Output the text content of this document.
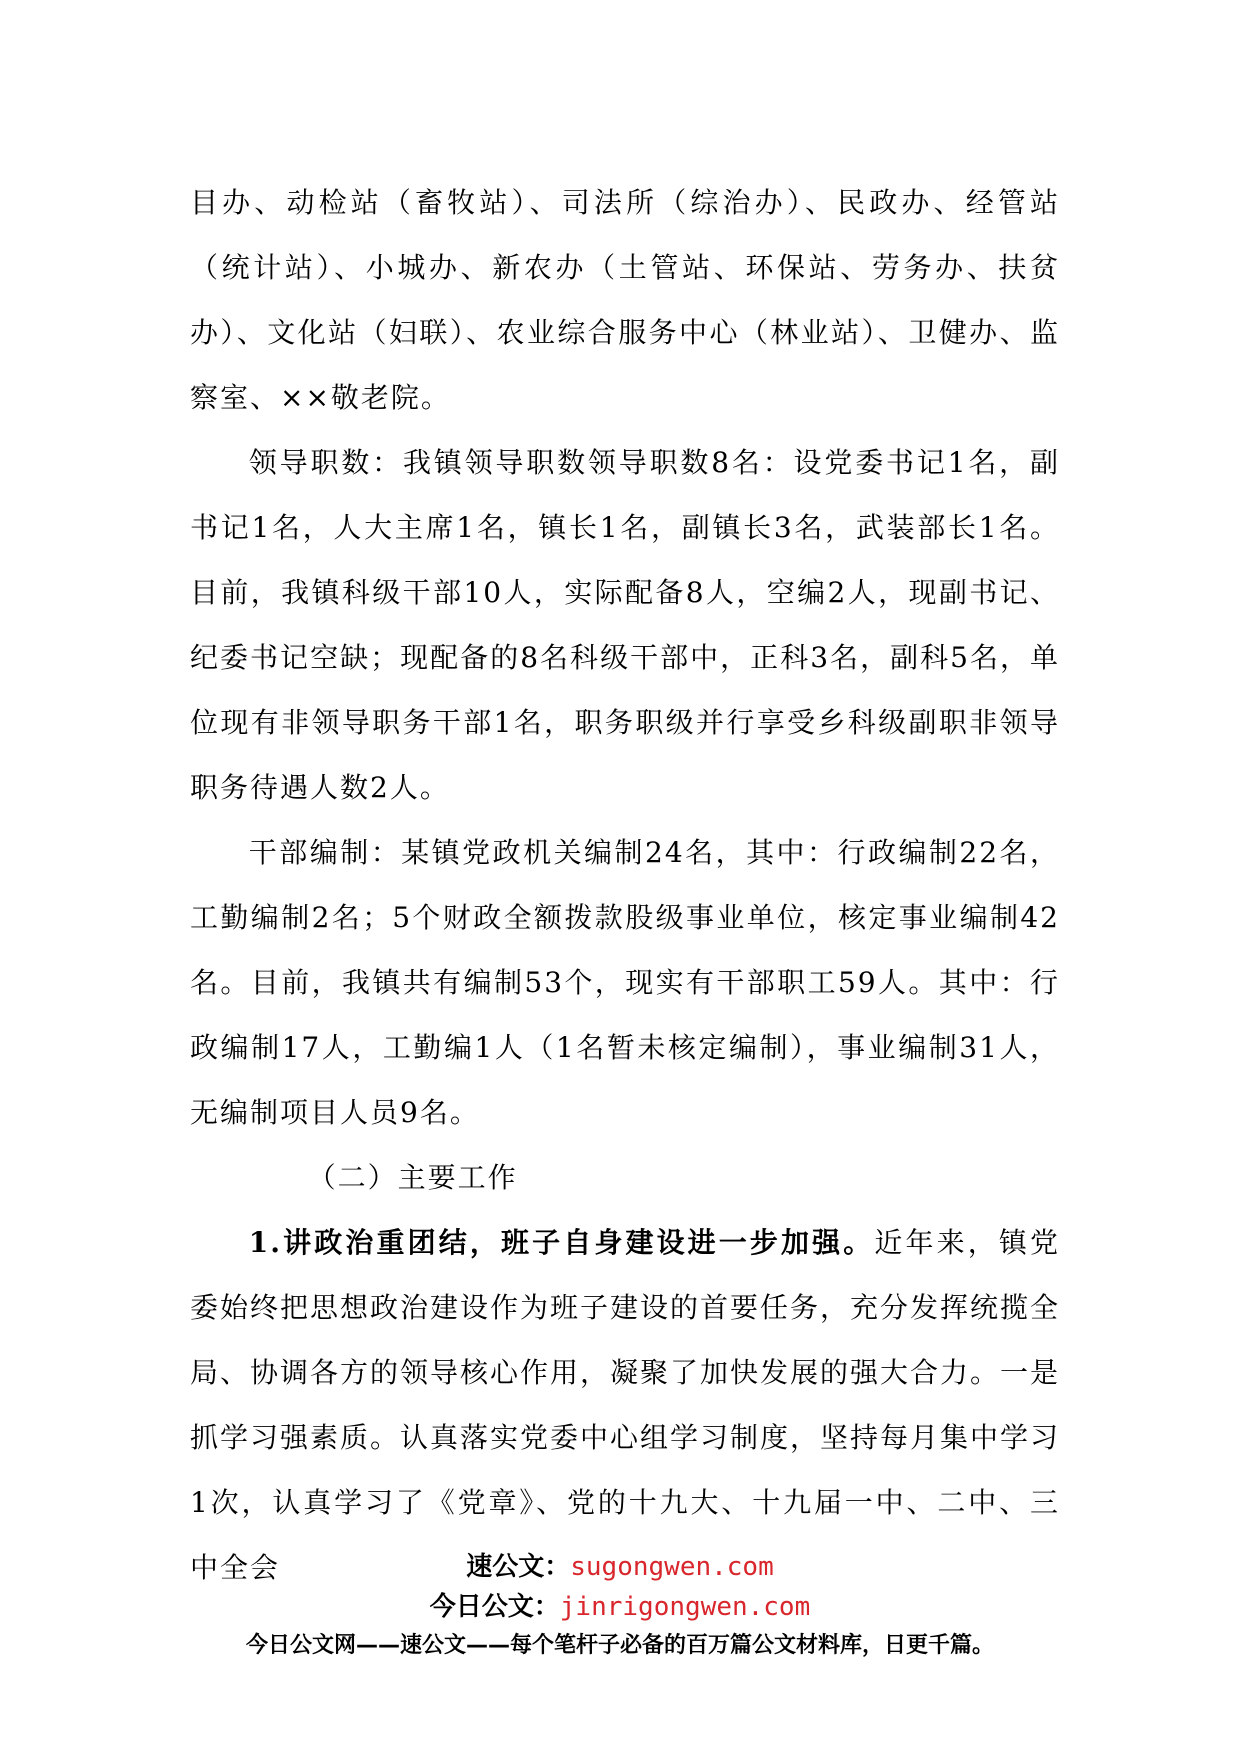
目办、动检站（畜牧站）、司法所（综治办）、民政办、经管站（统计站）、小城办、新农办（土管站、环保站、劳务办、扶贫办）、文化站（妇联）、农业综合服务中心（林业站）、卫健办、监察室、××敬老院。

领导职数：我镇领导职数领导职数8名：设党委书记1名，副书记1名，人大主席1名，镇长1名，副镇长3名，武装部长1名。目前，我镇科级干部10人，实际配备8人，空编2人，现副书记、纪委书记空缺；现配备的8名科级干部中，正科3名，副科5名，单位现有非领导职务干部1名，职务职级并行享受乡科级副职非领导职务待遇人数2人。

干部编制：某镇党政机关编制24名，其中：行政编制22名，工勤编制2名；5个财政全额拨款股级事业单位，核定事业编制42名。目前，我镇共有编制53个，现实有干部职工59人。其中：行政编制17人，工勤编1人（1名暂未核定编制），事业编制31人，无编制项目人员9名。

（二）主要工作

1.讲政治重团结，班子自身建设进一步加强。近年来，镇党委始终把思想政治建设作为班子建设的首要任务，充分发挥统揽全局、协调各方的领导核心作用，凝聚了加快发展的强大合力。一是抓学习强素质。认真落实党委中心组学习制度，坚持每月集中学习1次，认真学习了《党章》、党的十九大、十九届一中、二中、三中全会	速公文：sugongwen.com
今日公文：jinrigongwen.com
今日公文网——速公文——每个笔杆子必备的百万篇公文材料库，日更千篇。
